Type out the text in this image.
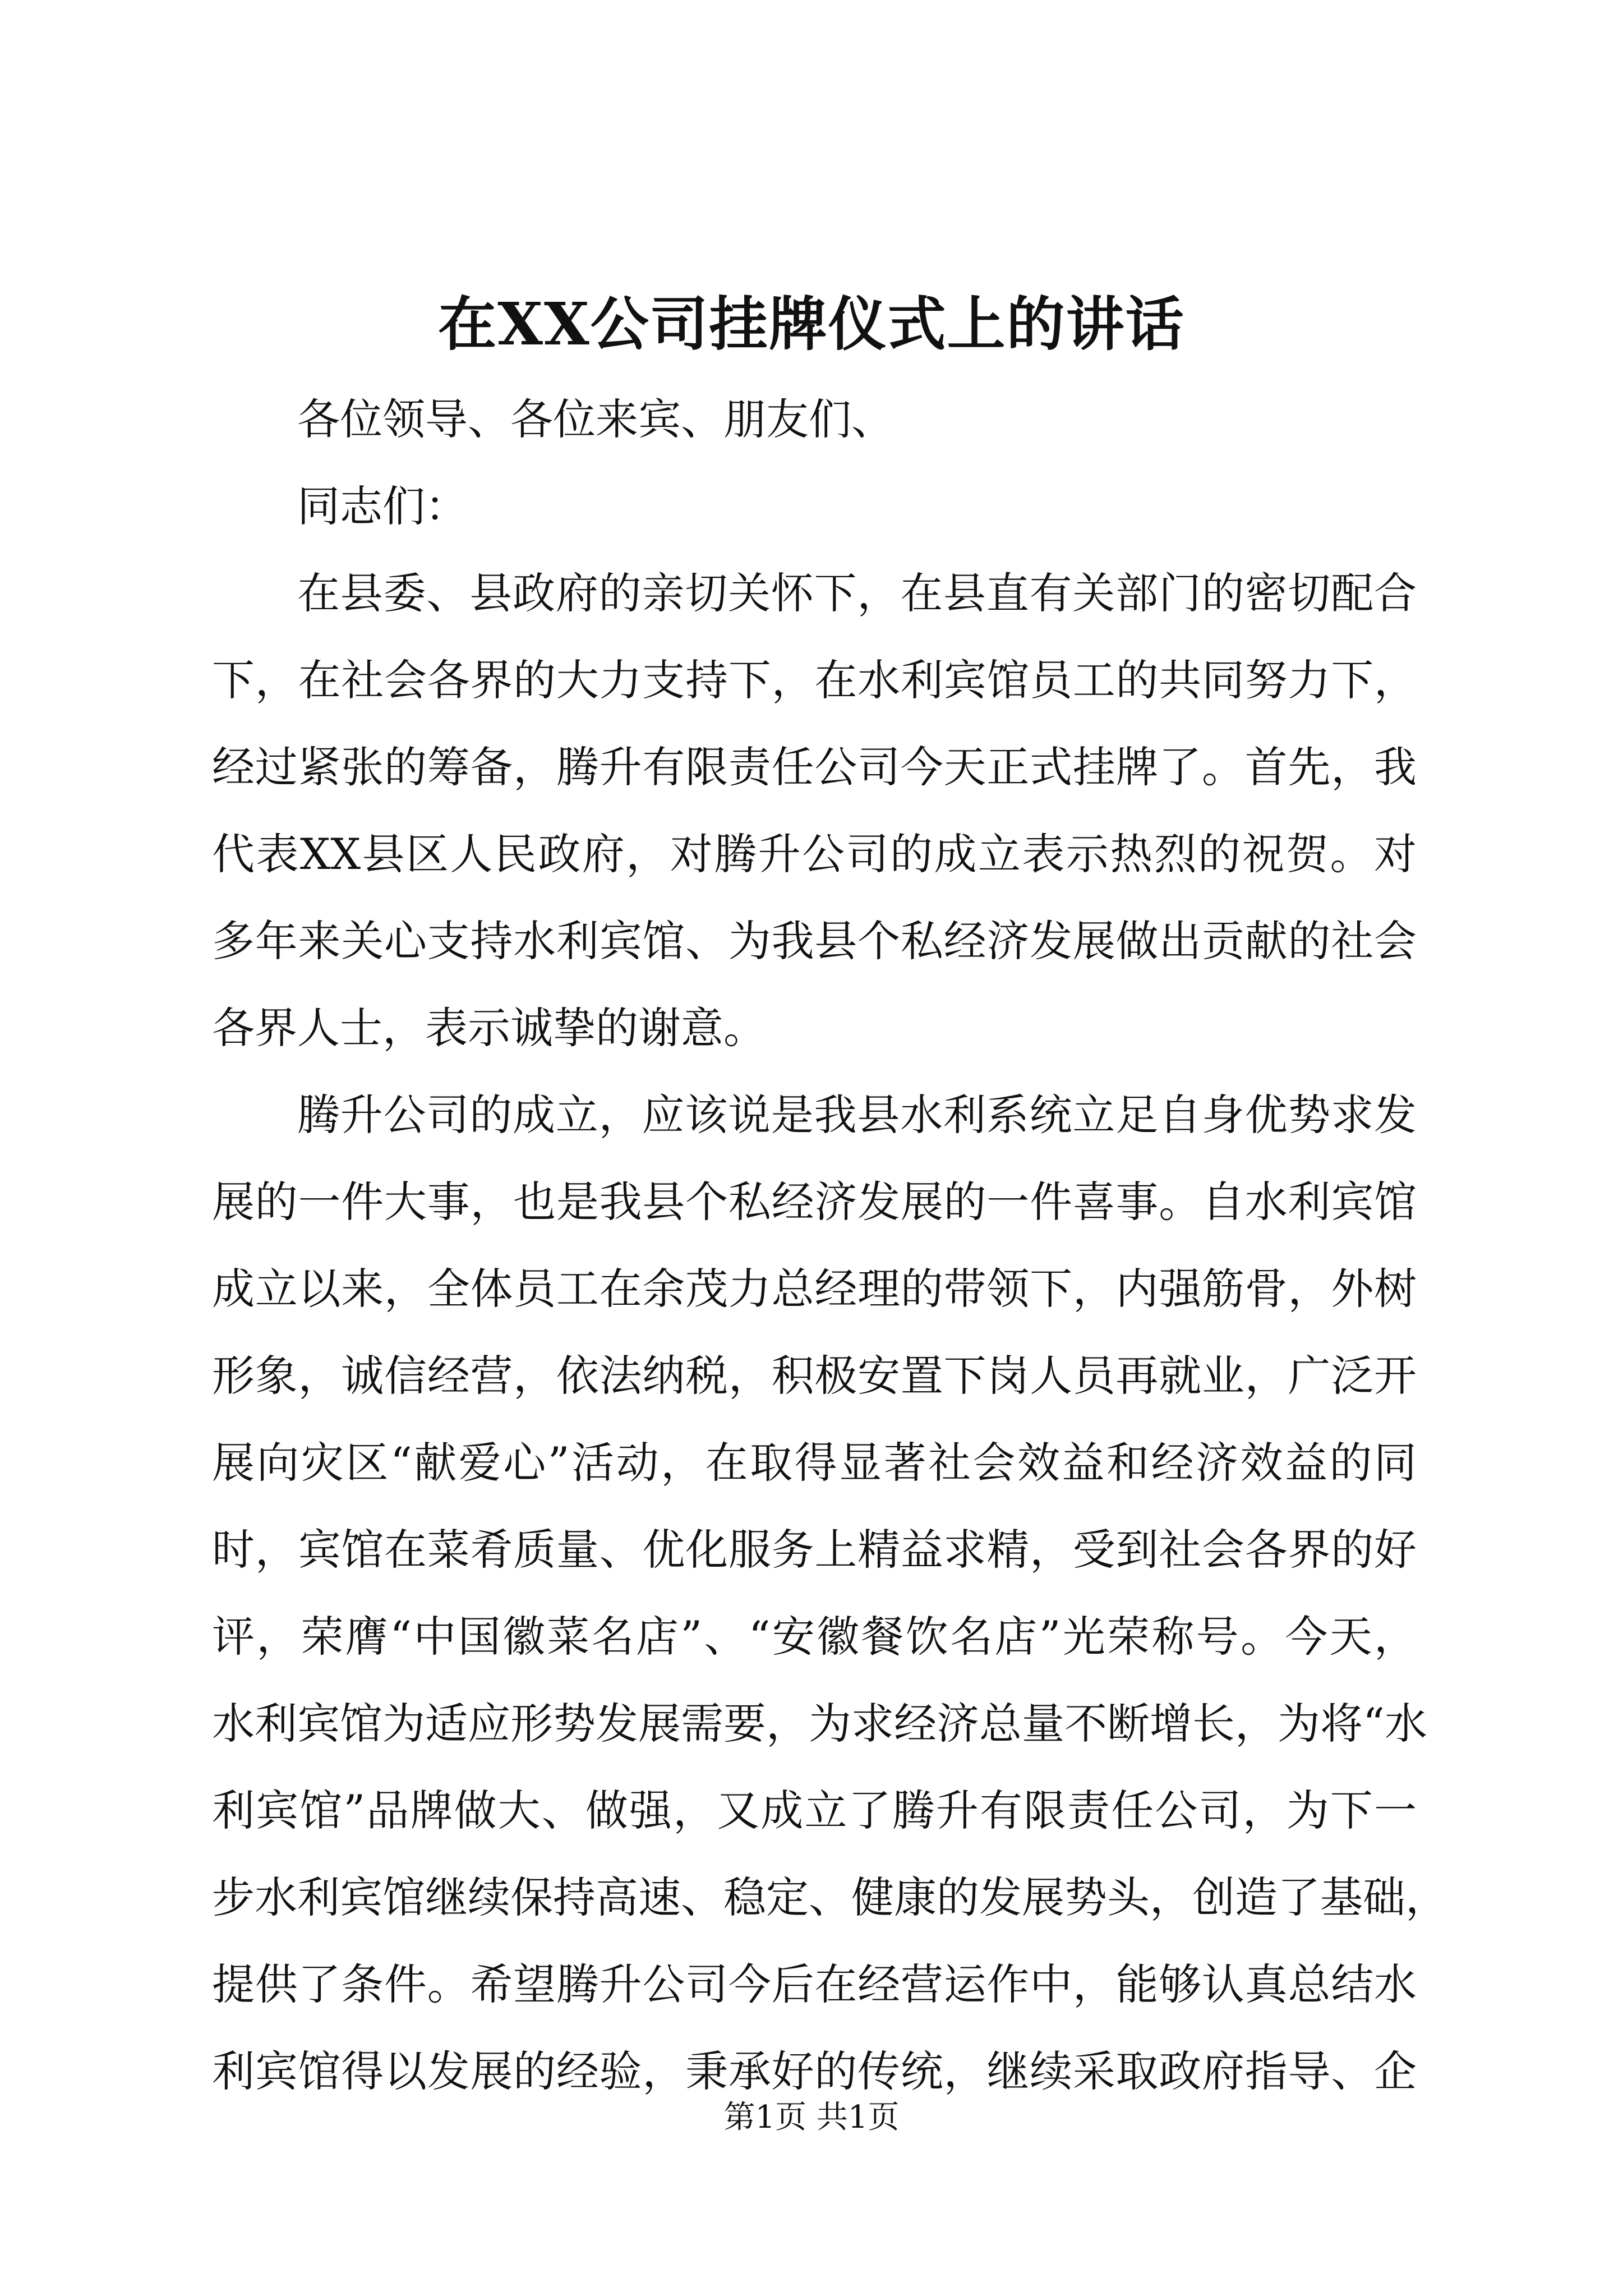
在XX公司挂牌仪式上的讲话
各位领导、各位来宾、朋友们、
同志们：
在县委、县政府的亲切关怀下，在县直有关部门的密切配合
下，在社会各界的大力支持下，在水利宾馆员工的共同努力下，
经过紧张的筹备，腾升有限责任公司今天正式挂牌了。首先，我
代表XX县区人民政府，对腾升公司的成立表示热烈的祝贺。对
多年来关心支持水利宾馆、为我县个私经济发展做出贡献的社会
各界人士，表示诚挚的谢意。
腾升公司的成立，应该说是我县水利系统立足自身优势求发
展的一件大事，也是我县个私经济发展的一件喜事。自水利宾馆
成立以来，全体员工在余茂力总经理的带领下，内强筋骨，外树
形象，诚信经营，依法纳税，积极安置下岗人员再就业，广泛开
展向灾区“献爱心”活动，在取得显著社会效益和经济效益的同
时，宾馆在菜肴质量、优化服务上精益求精，受到社会各界的好
评，荣膺“中国徽菜名店”、“安徽餐饮名店”光荣称号。今天，
水利宾馆为适应形势发展需要，为求经济总量不断增长，为将“水
利宾馆”品牌做大、做强，又成立了腾升有限责任公司，为下一
步水利宾馆继续保持高速、稳定、健康的发展势头，创造了基础，
提供了条件。希望腾升公司今后在经营运作中，能够认真总结水
利宾馆得以发展的经验，秉承好的传统，继续采取政府指导、企
第1页 共1页
